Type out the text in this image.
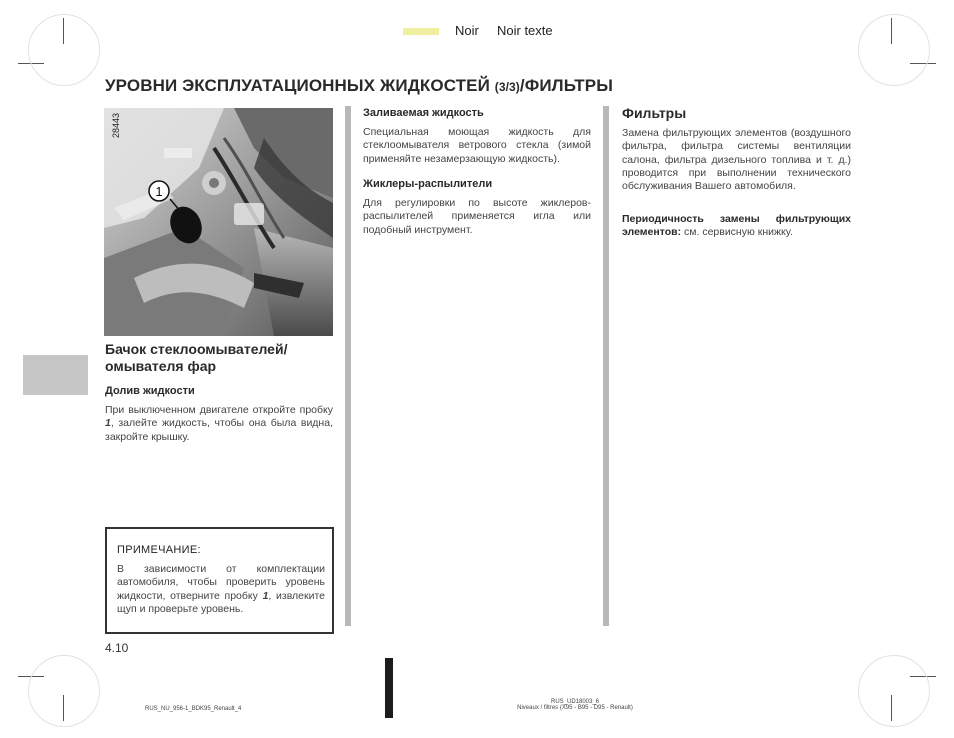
Noir Noir texte
УРОВНИ ЭКСПЛУАТАЦИОННЫХ ЖИДКОСТЕЙ (3/3)/ФИЛЬТРЫ
1
28443
Бачок стеклоомывателей/
омывателя фар
Долив жидкости
При выключенном двигателе откройте пробку 1, залейте жидкость, чтобы она была видна, закройте крышку.
ПРИМЕЧАНИЕ:
В зависимости от комплектации автомобиля, чтобы проверить уровень жидкости, отверните пробку 1, извлеките щуп и проверьте уровень.
Заливаемая жидкость
Специальная моющая жидкость для стеклоомывателя ветрового стекла (зимой применяйте незамерзающую жидкость).
Жиклеры-распылители
Для регулировки по высоте жиклеров-распылителей применяется игла или подобный инструмент.
Фильтры
Замена фильтрующих элементов (воздушного фильтра, фильтра системы вентиляции салона, фильтра дизельного топлива и т. д.) проводится при выполнении технического обслуживания Вашего автомобиля.
Периодичность замены фильтрующих элементов: см. сервисную книжку.
4.10
RUS_NU_956-1_BDK95_Renault_4
RUS_UD18003_6
Niveaux / filtres (X95 - B95 - D95 - Renault)
